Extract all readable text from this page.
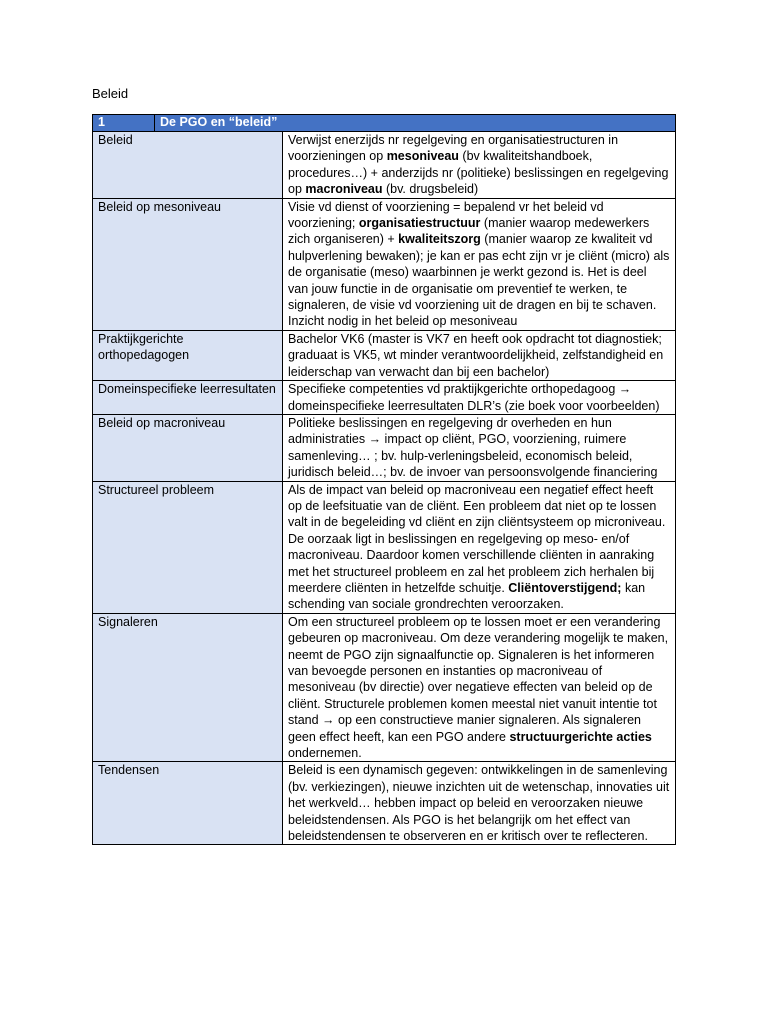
Beleid
1	De PGO en “beleid”	
Beleid		Verwijst enerzijds nr regelgeving en organisatiestructuren in voorzieningen op mesoniveau (bv kwaliteitshandboek, procedures…) + anderzijds nr (politieke) beslissingen en regelgeving op macroniveau (bv. drugsbeleid)
Beleid op mesoniveau		Visie vd dienst of voorziening = bepalend vr het beleid vd voorziening; organisatiestructuur (manier waarop medewerkers zich organiseren) + kwaliteitszorg (manier waarop ze kwaliteit vd hulpverlening bewaken); je kan er pas echt zijn vr je cliënt (micro) als de organisatie (meso) waarbinnen je werkt gezond is. Het is deel van jouw functie in de organisatie om preventief te werken, te signaleren, de visie vd voorziening uit de dragen en bij te schaven. Inzicht nodig in het beleid op mesoniveau
Praktijkgerichte orthopedagogen		Bachelor VK6 (master is VK7 en heeft ook opdracht tot diagnostiek; graduaat is VK5, wt minder verantwoordelijkheid, zelfstandigheid en leiderschap van verwacht dan bij een bachelor)
Domeinspecifieke leerresultaten		Specifieke competenties vd praktijkgerichte orthopedagoog → domeinspecifieke leerresultaten DLR’s (zie boek voor voorbeelden)
Beleid op macroniveau		Politieke beslissingen en regelgeving dr overheden en hun administraties → impact op cliënt, PGO, voorziening, ruimere samenleving… ; bv. hulp-verleningsbeleid, economisch beleid, juridisch beleid…; bv. de invoer van persoonsvolgende financiering
Structureel probleem		Als de impact van beleid op macroniveau een negatief effect heeft op de leefsituatie van de cliënt. Een probleem dat niet op te lossen valt in de begeleiding vd cliënt en zijn cliëntsysteem op microniveau. De oorzaak ligt in beslissingen en regelgeving op meso- en/of macroniveau. Daardoor komen verschillende cliënten in aanraking met het structureel probleem en zal het probleem zich herhalen bij meerdere cliënten in hetzelfde schuitje. Cliëntoverstijgend; kan schending van sociale grondrechten veroorzaken.
Signaleren		Om een structureel probleem op te lossen moet er een verandering gebeuren op macroniveau. Om deze verandering mogelijk te maken, neemt de PGO zijn signaalfunctie op. Signaleren is het informeren van bevoegde personen en instanties op macroniveau of mesoniveau (bv directie) over negatieve effecten van beleid op de cliënt. Structurele problemen komen meestal niet vanuit intentie tot stand → op een constructieve manier signaleren. Als signaleren geen effect heeft, kan een PGO andere structuurgerichte acties ondernemen.
Tendensen		Beleid is een dynamisch gegeven: ontwikkelingen in de samenleving (bv. verkiezingen), nieuwe inzichten uit de wetenschap, innovaties uit het werkveld… hebben impact op beleid en veroorzaken nieuwe beleidstendensen. Als PGO is het belangrijk om het effect van beleidstendensen te observeren en er kritisch over te reflecteren.
